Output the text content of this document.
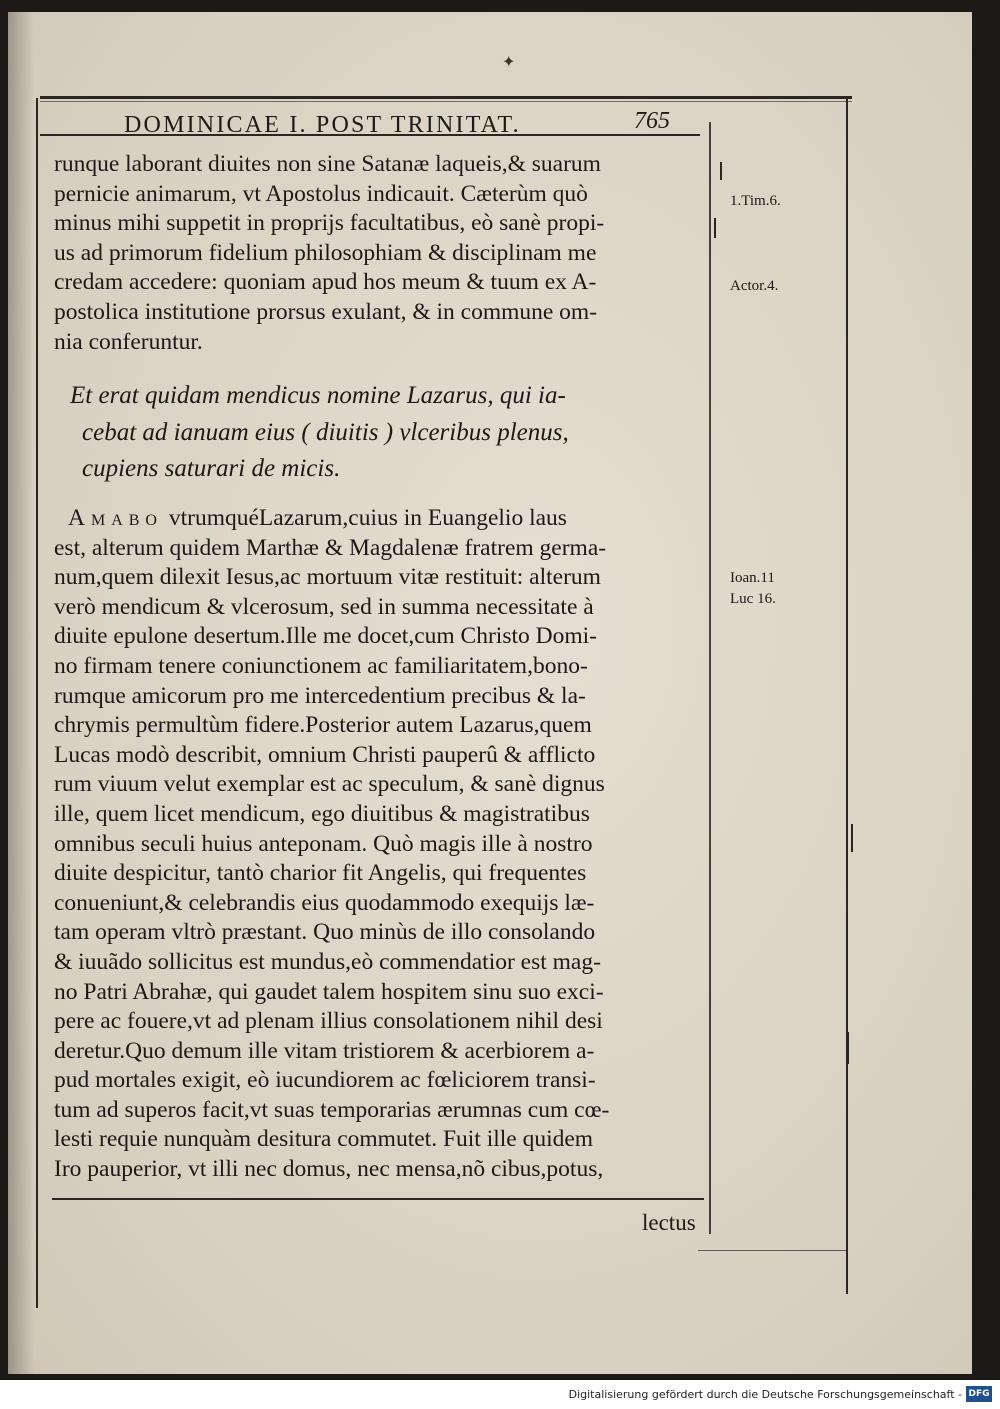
✦
DOMINICAE I. POST TRINITAT.	765
runque laborant diuites non sine Satanæ laqueis,& suarum
pernicie animarum, vt Apostolus indicauit. Cæterùm quò
minus mihi suppetit in proprijs facultatibus, eò sanè propi-
us ad primorum fidelium philosophiam & disciplinam me
credam accedere: quoniam apud hos meum & tuum ex A-
postolica institutione prorsus exulant, & in commune om-
nia conferuntur.
Et erat quidam mendicus nomine Lazarus, qui ia-
cebat ad ianuam eius ( diuitis ) vlceribus plenus,
cupiens saturari de micis.
Amabo vtrumquéLazarum,cuius in Euangelio laus
est, alterum quidem Marthæ & Magdalenæ fratrem germa-
num,quem dilexit Iesus,ac mortuum vitæ restituit: alterum
verò mendicum & vlcerosum, sed in summa necessitate à
diuite epulone desertum.Ille me docet,cum Christo Domi-
no firmam tenere coniunctionem ac familiaritatem,bono-
rumque amicorum pro me intercedentium precibus & la-
chrymis permultùm fidere.Posterior autem Lazarus,quem
Lucas modò describit, omnium Christi pauperû & afflicto
rum viuum velut exemplar est ac speculum, & sanè dignus
ille, quem licet mendicum, ego diuitibus & magistratibus
omnibus seculi huius anteponam. Quò magis ille à nostro
diuite despicitur, tantò charior fit Angelis, qui frequentes
conueniunt,& celebrandis eius quodammodo exequijs læ-
tam operam vltrò præstant. Quo minùs de illo consolando
& iuuãdo sollicitus est mundus,eò commendatior est mag-
no Patri Abrahæ, qui gaudet talem hospitem sinu suo exci-
pere ac fouere,vt ad plenam illius consolationem nihil desi
deretur.Quo demum ille vitam tristiorem & acerbiorem a-
pud mortales exigit, eò iucundiorem ac fœliciorem transi-
tum ad superos facit,vt suas temporarias ærumnas cum cœ-
lesti requie nunquàm desitura commutet. Fuit ille quidem
Iro pauperior, vt illi nec domus, nec mensa,nõ cibus,potus,
1.Tim.6.
Actor.4.
Ioan.11
Luc 16.
lectus
Digitalisierung gefördert durch die Deutsche Forschungsgemeinschaft - DFG
